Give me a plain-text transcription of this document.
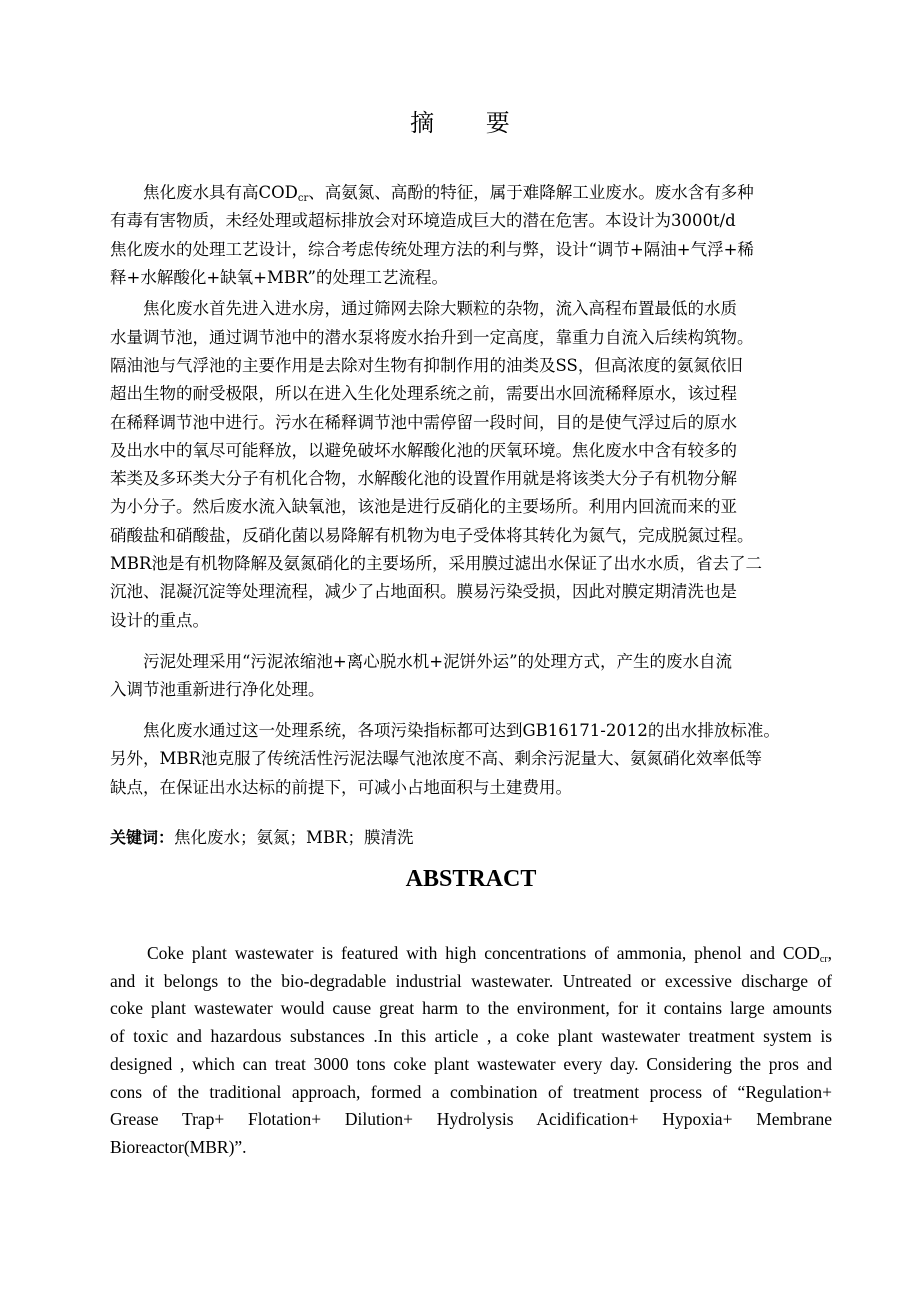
摘 要
　　焦化废水具有高$COD_{cr}$、高氨氮、高酚的特征，属于难降解工业废水。废水含有多种
有毒有害物质，未经处理或超标排放会对环境造成巨大的潜在危害。本设计为3000t/d
焦化废水的处理工艺设计，综合考虑传统处理方法的利与弊，设计“调节+隔油+气浮+稀
释+水解酸化+缺氧+MBR”的处理工艺流程。
　　焦化废水首先进入进水房，通过筛网去除大颗粒的杂物，流入高程布置最低的水质
水量调节池，通过调节池中的潜水泵将废水抬升到一定高度，靠重力自流入后续构筑物。
隔油池与气浮池的主要作用是去除对生物有抑制作用的油类及SS，但高浓度的氨氮依旧
超出生物的耐受极限，所以在进入生化处理系统之前，需要出水回流稀释原水，该过程
在稀释调节池中进行。污水在稀释调节池中需停留一段时间，目的是使气浮过后的原水
及出水中的氧尽可能释放，以避免破坏水解酸化池的厌氧环境。焦化废水中含有较多的
苯类及多环类大分子有机化合物，水解酸化池的设置作用就是将该类大分子有机物分解
为小分子。然后废水流入缺氧池，该池是进行反硝化的主要场所。利用内回流而来的亚
硝酸盐和硝酸盐，反硝化菌以易降解有机物为电子受体将其转化为氮气，完成脱氮过程。
MBR池是有机物降解及氨氮硝化的主要场所，采用膜过滤出水保证了出水水质，省去了二
沉池、混凝沉淀等处理流程，减少了占地面积。膜易污染受损，因此对膜定期清洗也是
设计的重点。
　　污泥处理采用“污泥浓缩池+离心脱水机+泥饼外运”的处理方式，产生的废水自流
入调节池重新进行净化处理。
　　焦化废水通过这一处理系统，各项污染指标都可达到GB16171-2012的出水排放标准。
另外，MBR池克服了传统活性污泥法曝气池浓度不高、剩余污泥量大、氨氮硝化效率低等
缺点，在保证出水达标的前提下，可减小占地面积与土建费用。
关键词：焦化废水；氨氮；MBR；膜清洗
ABSTRACT
Coke plant wastewater is featured with high concentrations of ammonia, phenol and $COD_{cr}$,
and it belongs to the bio-degradable industrial wastewater. Untreated or excessive discharge of
coke plant wastewater would cause great harm to the environment, for it contains large amounts
of toxic and hazardous substances .In this article , a coke plant wastewater treatment system is
designed , which can treat 3000 tons coke plant wastewater every day. Considering the pros and
cons of the traditional approach, formed a combination of treatment process of “Regulation+
Grease Trap+ Flotation+ Dilution+ Hydrolysis Acidification+ Hypoxia+ Membrane
Bioreactor(MBR)”.
